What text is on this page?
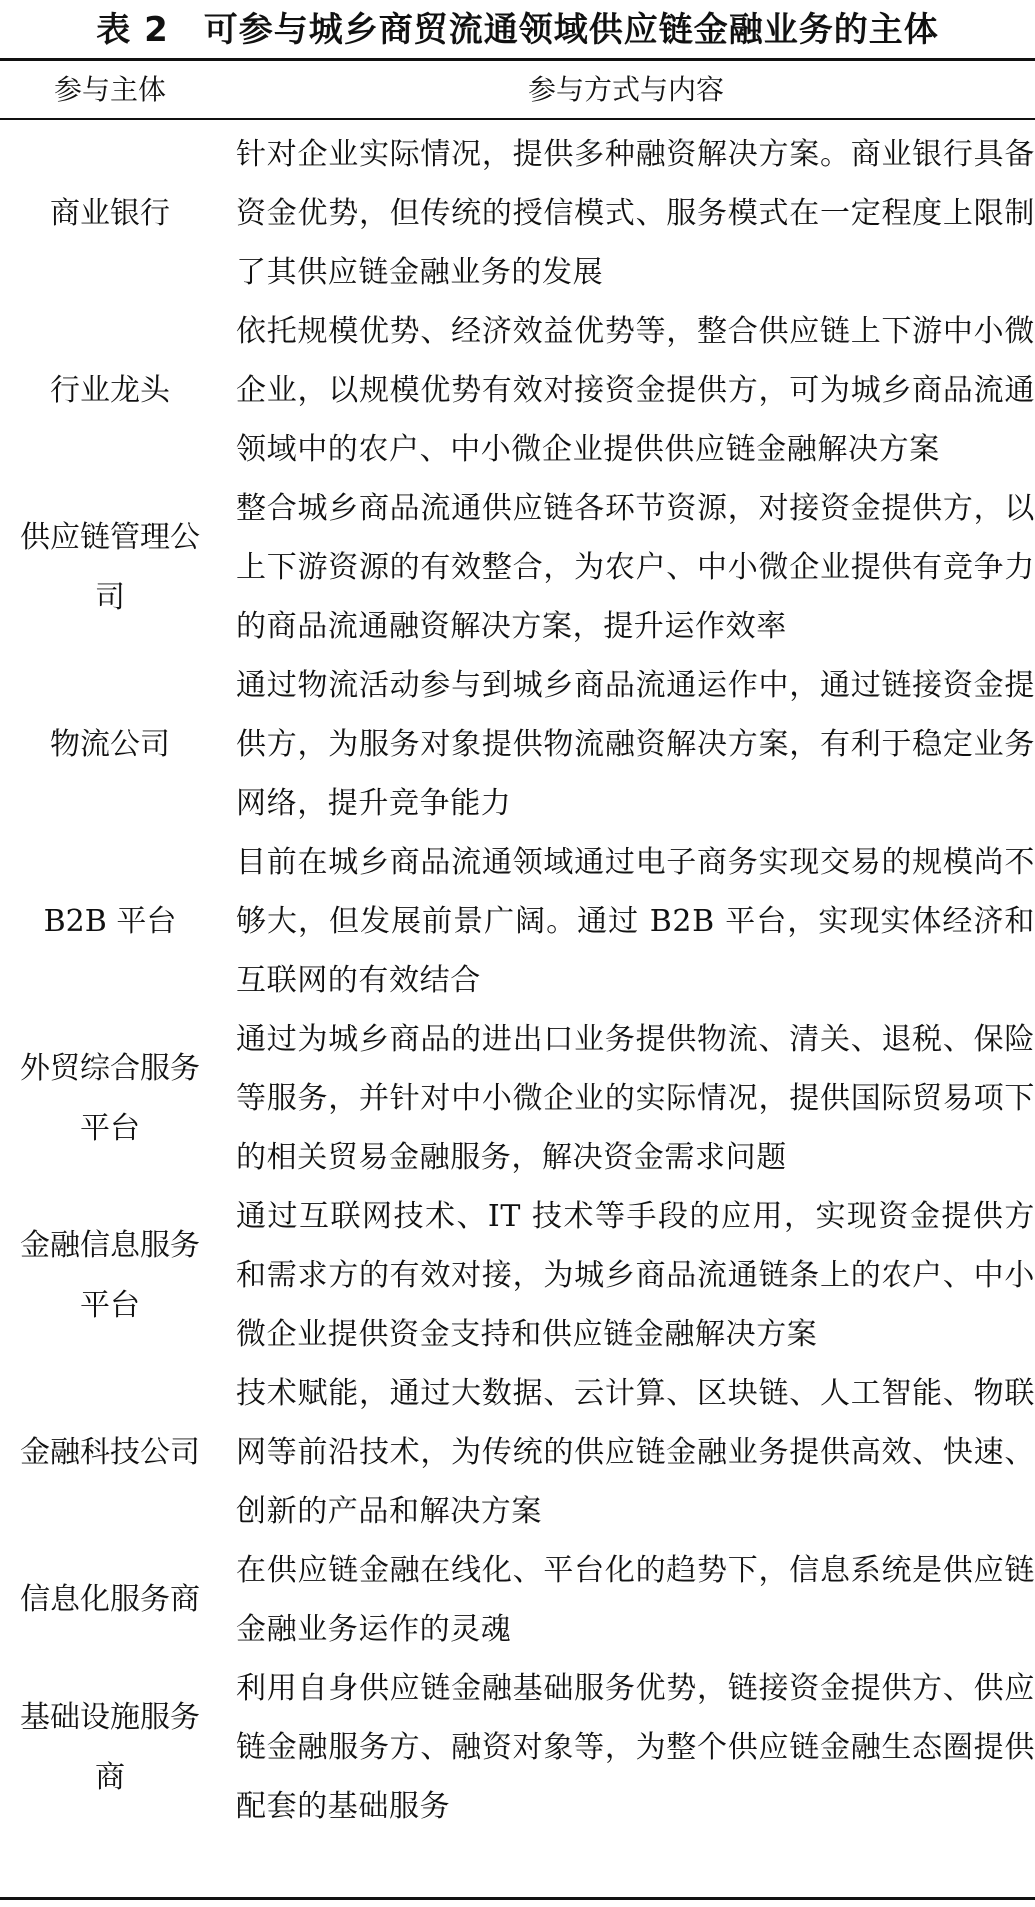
表 2　可参与城乡商贸流通领域供应链金融业务的主体
参与主体	参与方式与内容
商业银行
针对企业实际情况，提供多种融资解决方案。商业银行具备资金优势，但传统的授信模式、服务模式在一定程度上限制了其供应链金融业务的发展
行业龙头
依托规模优势、经济效益优势等，整合供应链上下游中小微企业，以规模优势有效对接资金提供方，可为城乡商品流通领域中的农户、中小微企业提供供应链金融解决方案
供应链管理公司
整合城乡商品流通供应链各环节资源，对接资金提供方，以上下游资源的有效整合，为农户、中小微企业提供有竞争力的商品流通融资解决方案，提升运作效率
物流公司
通过物流活动参与到城乡商品流通运作中，通过链接资金提供方，为服务对象提供物流融资解决方案，有利于稳定业务网络，提升竞争能力
B2B 平台
目前在城乡商品流通领域通过电子商务实现交易的规模尚不够大，但发展前景广阔。通过 B2B 平台，实现实体经济和互联网的有效结合
外贸综合服务平台
通过为城乡商品的进出口业务提供物流、清关、退税、保险等服务，并针对中小微企业的实际情况，提供国际贸易项下的相关贸易金融服务，解决资金需求问题
金融信息服务平台
通过互联网技术、IT 技术等手段的应用，实现资金提供方和需求方的有效对接，为城乡商品流通链条上的农户、中小微企业提供资金支持和供应链金融解决方案
金融科技公司
技术赋能，通过大数据、云计算、区块链、人工智能、物联网等前沿技术，为传统的供应链金融业务提供高效、快速、创新的产品和解决方案
信息化服务商
在供应链金融在线化、平台化的趋势下，信息系统是供应链金融业务运作的灵魂
基础设施服务商
利用自身供应链金融基础服务优势，链接资金提供方、供应链金融服务方、融资对象等，为整个供应链金融生态圈提供配套的基础服务
